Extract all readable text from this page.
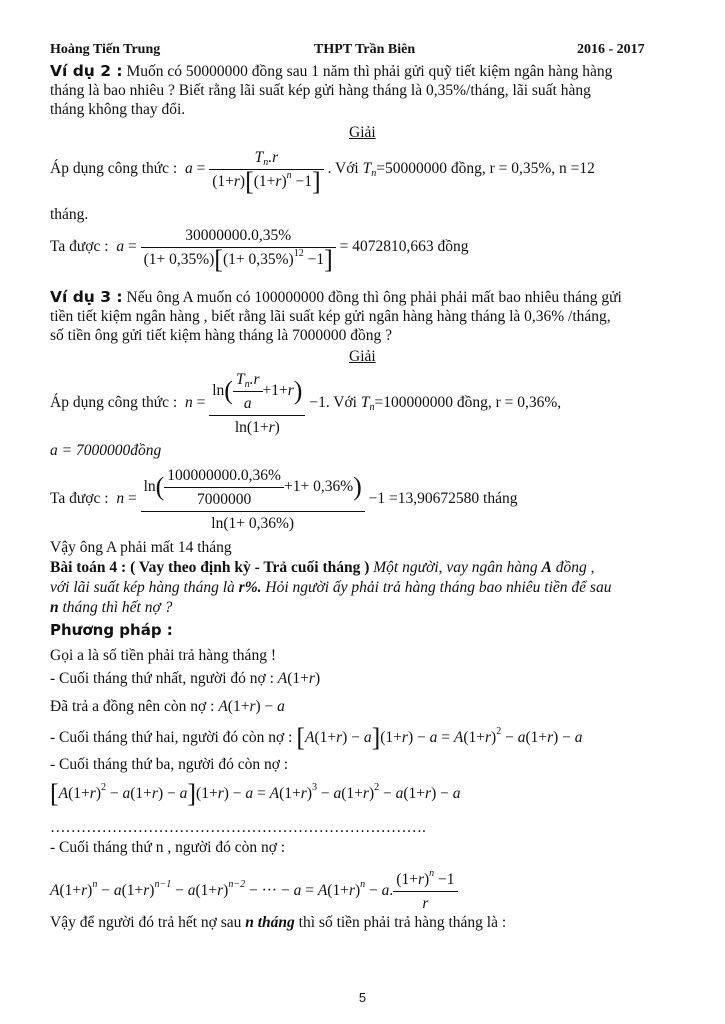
Hoàng Tiến Trung	THPT Trần Biên	2016 - 2017
Ví dụ 2 : Muốn có 50000000 đồng sau 1 năm thì phải gửi quỹ tiết kiệm ngân hàng hàng
tháng là bao nhiêu ? Biết rằng lãi suất kép gửi hàng tháng là 0,35%/tháng, lãi suất hàng
tháng không thay đổi.
Giải
Áp dụng công thức :  $a = \frac{T_n.r}{(1+r)[(1+r)^n -1]}$ . Với $T_n=50000000$ đồng, r = 0,35%, n =12
tháng.
Ta được :  $a = \frac{30000000.0,35\%}{(1+ 0,35\%)[(1+ 0,35\%)^{12} -1]} = 4072810,663$ đồng
Ví dụ 3 : Nếu ông A muốn có 100000000 đồng thì ông phải phải mất bao nhiêu tháng gửi
tiền tiết kiệm ngân hàng , biết rằng lãi suất kép gửi ngân hàng hàng tháng là 0,36% /tháng,
số tiền ông gửi tiết kiệm hàng tháng là 7000000 đồng ?
Giải
Áp dụng công thức :  $n = \frac{\ln( \frac{T_n.r}{a} +1+r)}{\ln(1+r)} -1$. Với $T_n=100000000$ đồng, r = 0,36%,
a = 7000000đồng
Ta được :  $n = \frac{\ln( \frac{100000000.0,36\%}{7000000} +1+ 0,36\%)}{\ln(1+ 0,36\%)} -1 =13,90672580$ tháng
Vậy ông A phải mất 14 tháng
Bài toán 4 : ( Vay theo định kỳ - Trả cuối tháng ) Một người, vay ngân hàng A đồng ,
với lãi suất kép hàng tháng là r%. Hỏi người ấy phải trả hàng tháng bao nhiêu tiền để sau
n tháng thì hết nợ ?
Phương pháp :
Gọi a là số tiền phải trả hàng tháng !
- Cuối tháng thứ nhất, người đó nợ : A(1+r)
Đã trả a đồng nên còn nợ : A(1+r) − a
- Cuối tháng thứ hai, người đó còn nợ : $[A(1+r) - a](1+r) - a = A(1+r)^2 - a(1+r) - a$
- Cuối tháng thứ ba, người đó còn nợ :
$[A(1+r)^2 - a(1+r) - a](1+r) - a = A(1+r)^3 - a(1+r)^2 - a(1+r) - a$
……………………………………………………………….
- Cuối tháng thứ n , người đó còn nợ :
$A(1+r)^n - a(1+r)^{n-1} - a(1+r)^{n-2}$ − ··· − $a = A(1+r)^n - a$. $\frac{(1+r)^n -1}{r}$
Vậy để người đó trả hết nợ sau n tháng thì số tiền phải trả hàng tháng là :
5
